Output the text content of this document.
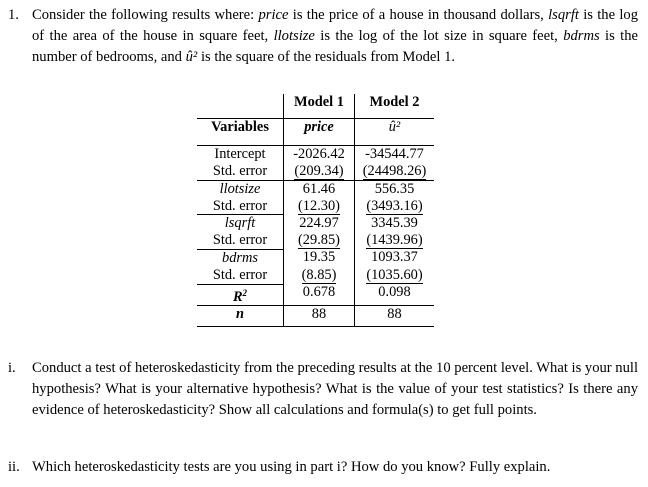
1. Consider the following results where: price is the price of a house in thousand dollars, lsqrft is the log of the area of the house in square feet, llotsize is the log of the lot size in square feet, bdrms is the number of bedrooms, and û² is the square of the residuals from Model 1.
	Model 1	Model 2
Variables	price	û²
Intercept	-2026.42	-34544.77
Std. error	(209.34)	(24498.26)
llotsize	61.46	556.35
Std. error	(12.30)	(3493.16)
lsqrft	224.97	3345.39
Std. error	(29.85)	(1439.96)
bdrms	19.35	1093.37
Std. error	(8.85)	(1035.60)
$R^2$	0.678	0.098
n	88	88
i. Conduct a test of heteroskedasticity from the preceding results at the 10 percent level. What is your null hypothesis? What is your alternative hypothesis? What is the value of your test statistics? Is there any evidence of heteroskedasticity? Show all calculations and formula(s) to get full points.
ii. Which heteroskedasticity tests are you using in part i? How do you know? Fully explain.
